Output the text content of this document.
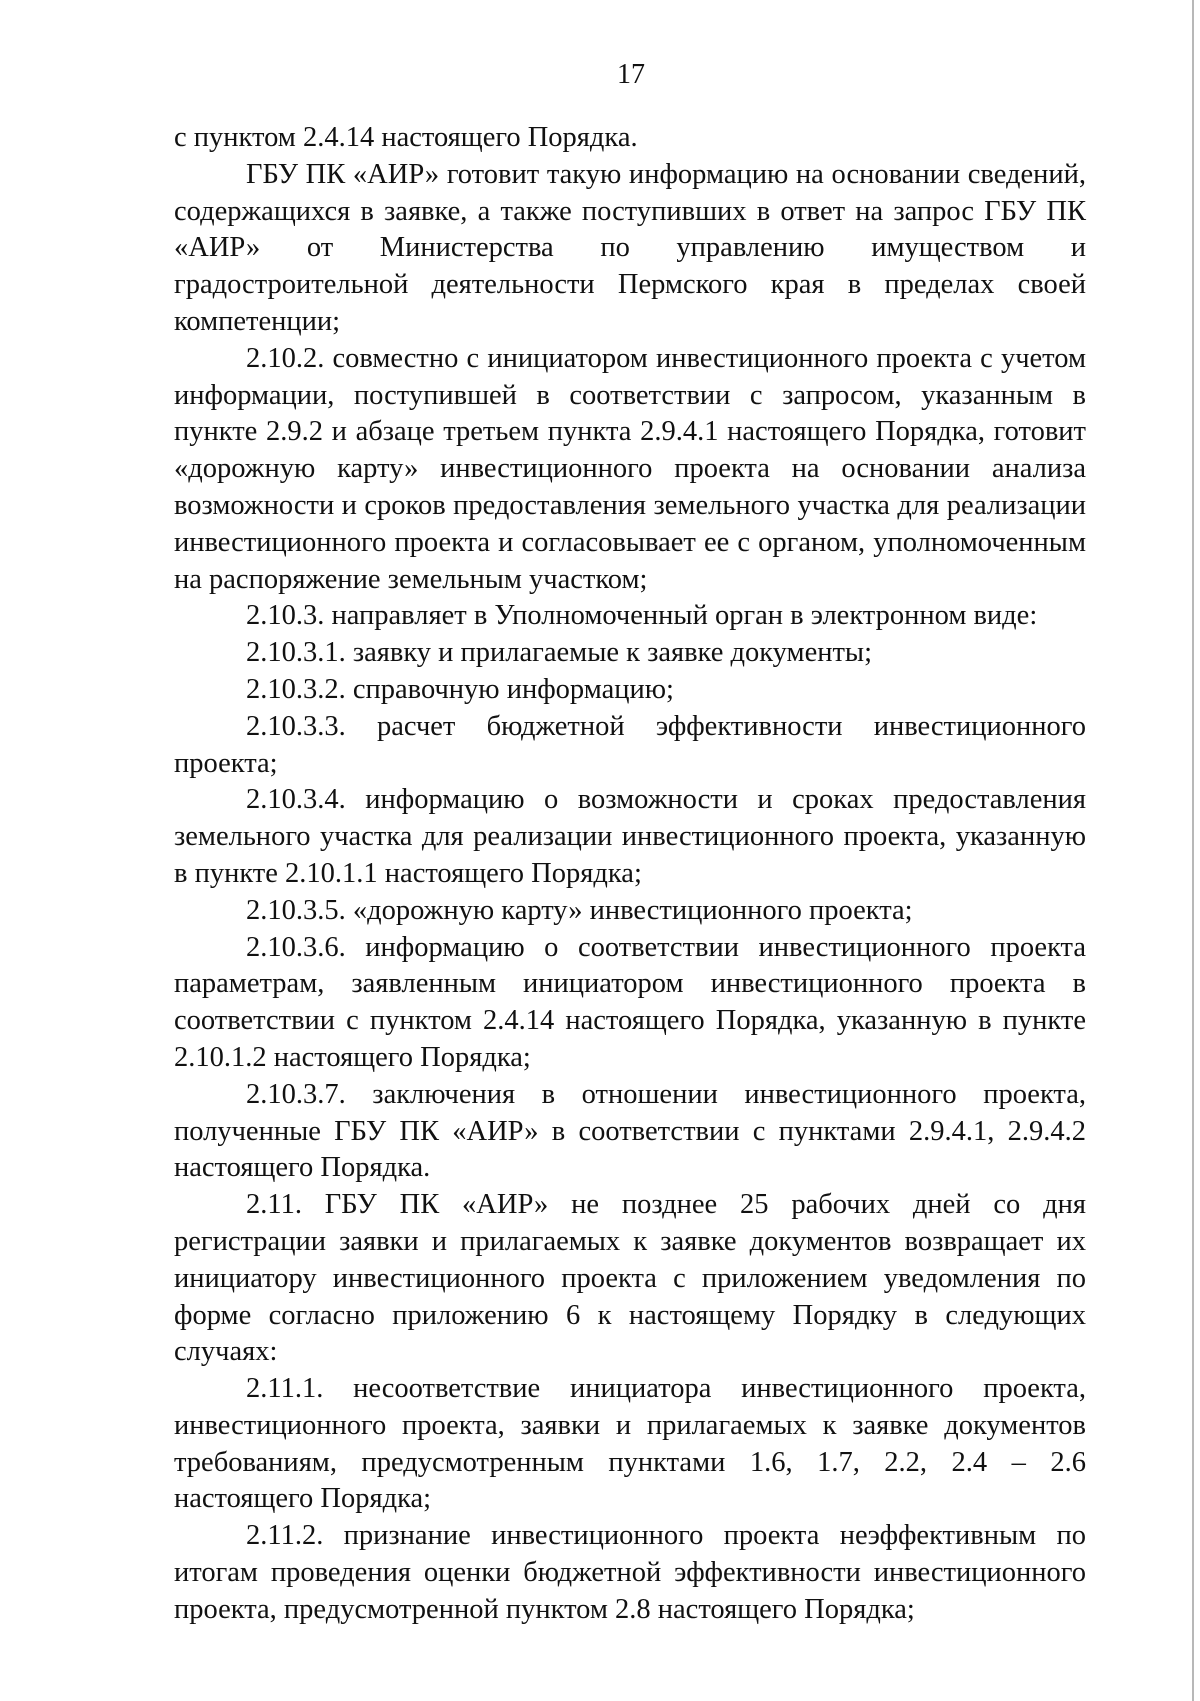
17

с пунктом 2.4.14 настоящего Порядка.

ГБУ ПК «АИР» готовит такую информацию на основании сведений, содержащихся в заявке, а также поступивших в ответ на запрос ГБУ ПК «АИР» от Министерства по управлению имуществом и градостроительной деятельности Пермского края в пределах своей компетенции;

2.10.2. совместно с инициатором инвестиционного проекта с учетом информации, поступившей в соответствии с запросом, указанным в пункте 2.9.2 и абзаце третьем пункта 2.9.4.1 настоящего Порядка, готовит «дорожную карту» инвестиционного проекта на основании анализа возможности и сроков предоставления земельного участка для реализации инвестиционного проекта и согласовывает ее с органом, уполномоченным на распоряжение земельным участком;

2.10.3. направляет в Уполномоченный орган в электронном виде:

2.10.3.1. заявку и прилагаемые к заявке документы;

2.10.3.2. справочную информацию;

2.10.3.3. расчет бюджетной эффективности инвестиционного проекта;

2.10.3.4. информацию о возможности и сроках предоставления земельного участка для реализации инвестиционного проекта, указанную в пункте 2.10.1.1 настоящего Порядка;

2.10.3.5. «дорожную карту» инвестиционного проекта;

2.10.3.6. информацию о соответствии инвестиционного проекта параметрам, заявленным инициатором инвестиционного проекта в соответствии с пунктом 2.4.14 настоящего Порядка, указанную в пункте 2.10.1.2 настоящего Порядка;

2.10.3.7. заключения в отношении инвестиционного проекта, полученные ГБУ ПК «АИР» в соответствии с пунктами 2.9.4.1, 2.9.4.2 настоящего Порядка.

2.11. ГБУ ПК «АИР» не позднее 25 рабочих дней со дня регистрации заявки и прилагаемых к заявке документов возвращает их инициатору инвестиционного проекта с приложением уведомления по форме согласно приложению 6 к настоящему Порядку в следующих случаях:

2.11.1. несоответствие инициатора инвестиционного проекта, инвестиционного проекта, заявки и прилагаемых к заявке документов требованиям, предусмотренным пунктами 1.6, 1.7, 2.2, 2.4 – 2.6 настоящего Порядка;

2.11.2. признание инвестиционного проекта неэффективным по итогам проведения оценки бюджетной эффективности инвестиционного проекта, предусмотренной пунктом 2.8 настоящего Порядка;
